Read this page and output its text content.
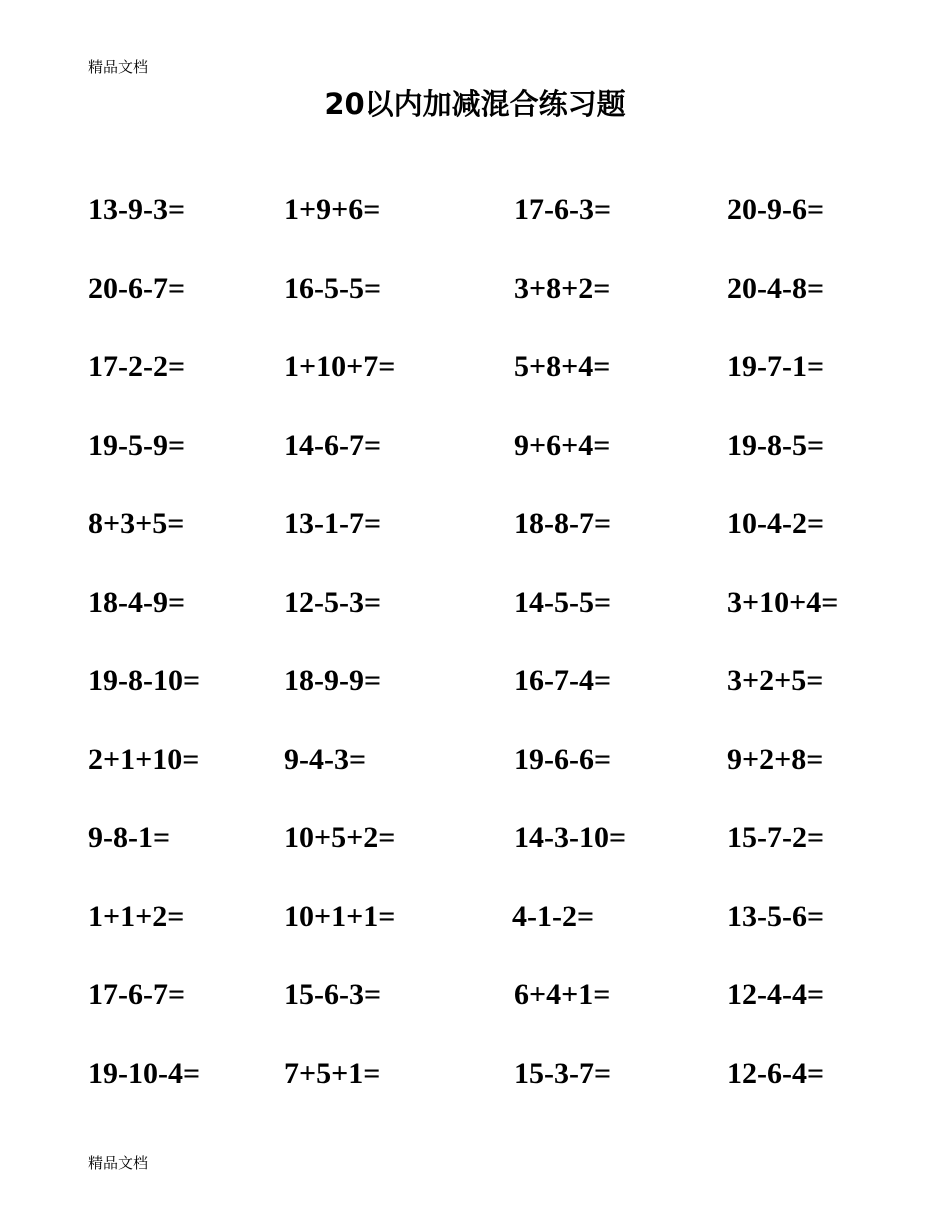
精品文档
20以内加减混合练习题
13-9-3=	1+9+6=	17-6-3=	20-9-6=
20-6-7=	16-5-5=	3+8+2=	20-4-8=
17-2-2=	1+10+7=	5+8+4=	19-7-1=
19-5-9=	14-6-7=	9+6+4=	19-8-5=
8+3+5=	13-1-7=	18-8-7=	10-4-2=
18-4-9=	12-5-3=	14-5-5=	3+10+4=
19-8-10=	18-9-9=	16-7-4=	3+2+5=
2+1+10=	9-4-3=	19-6-6=	9+2+8=
9-8-1=	10+5+2=	14-3-10=	15-7-2=
1+1+2=	10+1+1=	4-1-2=	13-5-6=
17-6-7=	15-6-3=	6+4+1=	12-4-4=
19-10-4=	7+5+1=	15-3-7=	12-6-4=
精品文档
